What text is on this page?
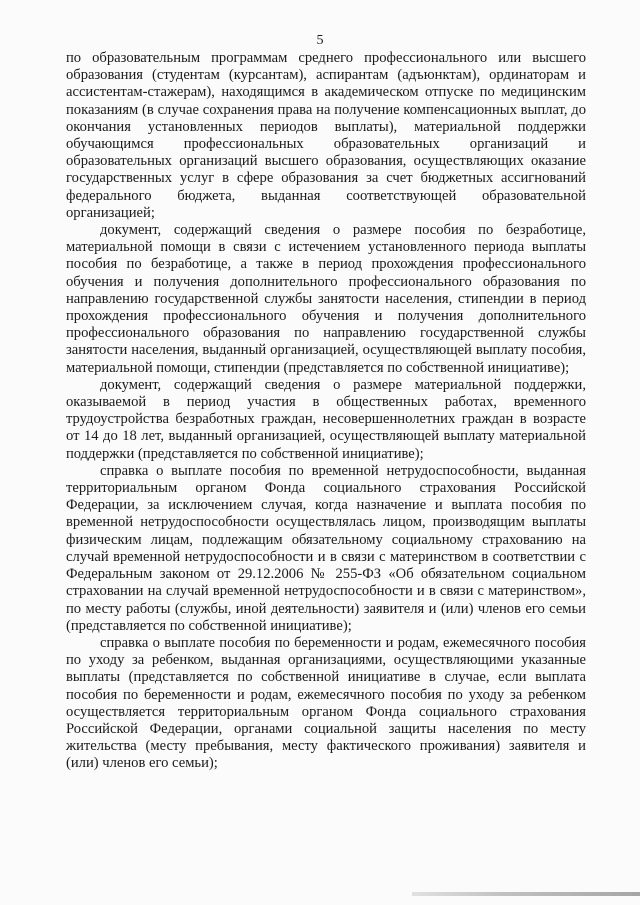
5

по образовательным программам среднего профессионального или высшего образования (студентам (курсантам), аспирантам (адъюнктам), ординаторам и ассистентам-стажерам), находящимся в академическом отпуске по медицинским показаниям (в случае сохранения права на получение компенсационных выплат, до окончания установленных периодов выплаты), материальной поддержки обучающимся профессиональных образовательных организаций и образовательных организаций высшего образования, осуществляющих оказание государственных услуг в сфере образования за счет бюджетных ассигнований федерального бюджета, выданная соответствующей образовательной организацией;

документ, содержащий сведения о размере пособия по безработице, материальной помощи в связи с истечением установленного периода выплаты пособия по безработице, а также в период прохождения профессионального обучения и получения дополнительного профессионального образования по направлению государственной службы занятости населения, стипендии в период прохождения профессионального обучения и получения дополнительного профессионального образования по направлению государственной службы занятости населения, выданный организацией, осуществляющей выплату пособия, материальной помощи, стипендии (представляется по собственной инициативе);

документ, содержащий сведения о размере материальной поддержки, оказываемой в период участия в общественных работах, временного трудоустройства безработных граждан, несовершеннолетних граждан в возрасте от 14 до 18 лет, выданный организацией, осуществляющей выплату материальной поддержки (представляется по собственной инициативе);

справка о выплате пособия по временной нетрудоспособности, выданная территориальным органом Фонда социального страхования Российской Федерации, за исключением случая, когда назначение и выплата пособия по временной нетрудоспособности осуществлялась лицом, производящим выплаты физическим лицам, подлежащим обязательному социальному страхованию на случай временной нетрудоспособности и в связи с материнством в соответствии с Федеральным законом от 29.12.2006 № 255-ФЗ «Об обязательном социальном страховании на случай временной нетрудоспособности и в связи с материнством», по месту работы (службы, иной деятельности) заявителя и (или) членов его семьи (представляется по собственной инициативе);

справка о выплате пособия по беременности и родам, ежемесячного пособия по уходу за ребенком, выданная организациями, осуществляющими указанные выплаты (представляется по собственной инициативе в случае, если выплата пособия по беременности и родам, ежемесячного пособия по уходу за ребенком осуществляется территориальным органом Фонда социального страхования Российской Федерации, органами социальной защиты населения по месту жительства (месту пребывания, месту фактического проживания) заявителя и (или) членов его семьи);
